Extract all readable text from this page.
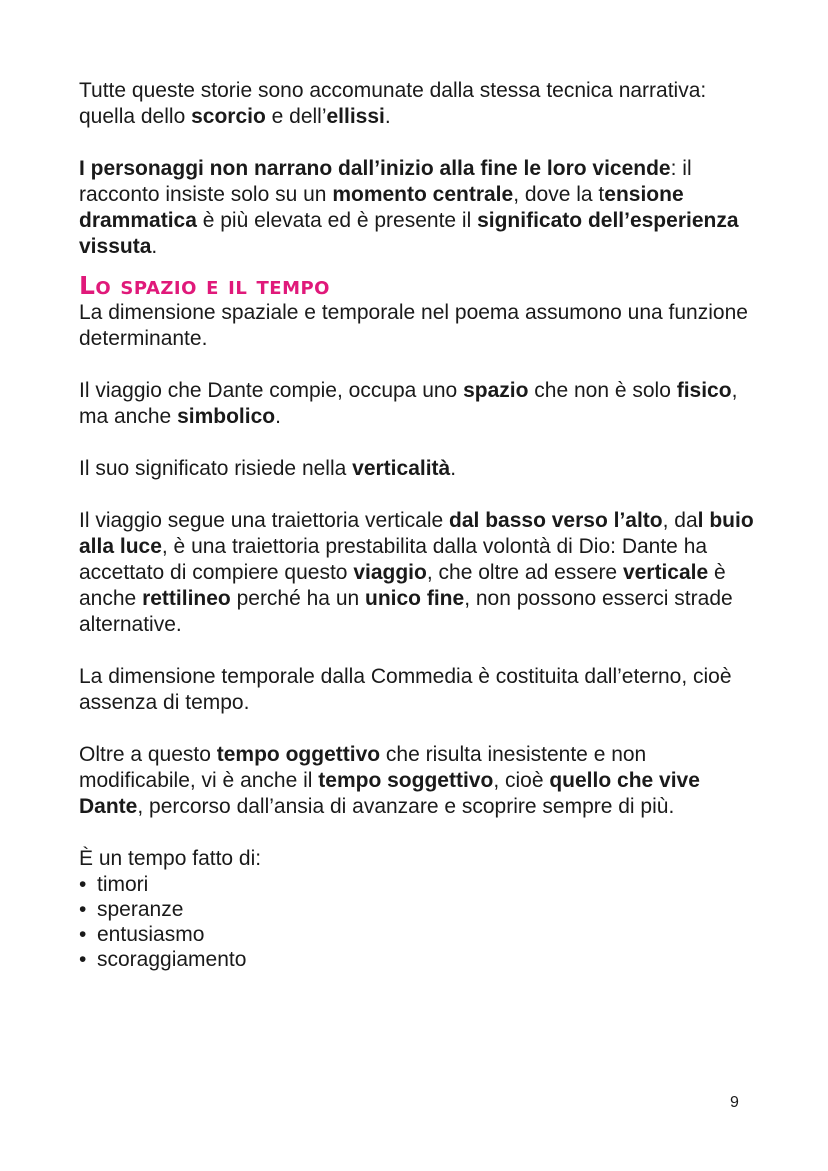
Tutte queste storie sono accomunate dalla stessa tecnica narrativa: quella dello scorcio e dell’ellissi.

I personaggi non narrano dall’inizio alla fine le loro vicende: il racconto insiste solo su un momento centrale, dove la tensione drammatica è più elevata ed è presente il significato dell’esperienza vissuta.

Lo spazio e il tempo

La dimensione spaziale e temporale nel poema assumono una funzione determinante.

Il viaggio che Dante compie, occupa uno spazio che non è solo fisico, ma anche simbolico.

Il suo significato risiede nella verticalità.

Il viaggio segue una traiettoria verticale dal basso verso l’alto, dal buio alla luce, è una traiettoria prestabilita dalla volontà di Dio: Dante ha accettato di compiere questo viaggio, che oltre ad essere verticale è anche rettilineo perché ha un unico fine, non possono esserci strade alternative.

La dimensione temporale dalla Commedia è costituita dall’eterno, cioè assenza di tempo.

Oltre a questo tempo oggettivo che risulta inesistente e non modificabile, vi è anche il tempo soggettivo, cioè quello che vive Dante, percorso dall’ansia di avanzare e scoprire sempre di più.

È un tempo fatto di:

• timori
• speranze
• entusiasmo
• scoraggiamento
9
